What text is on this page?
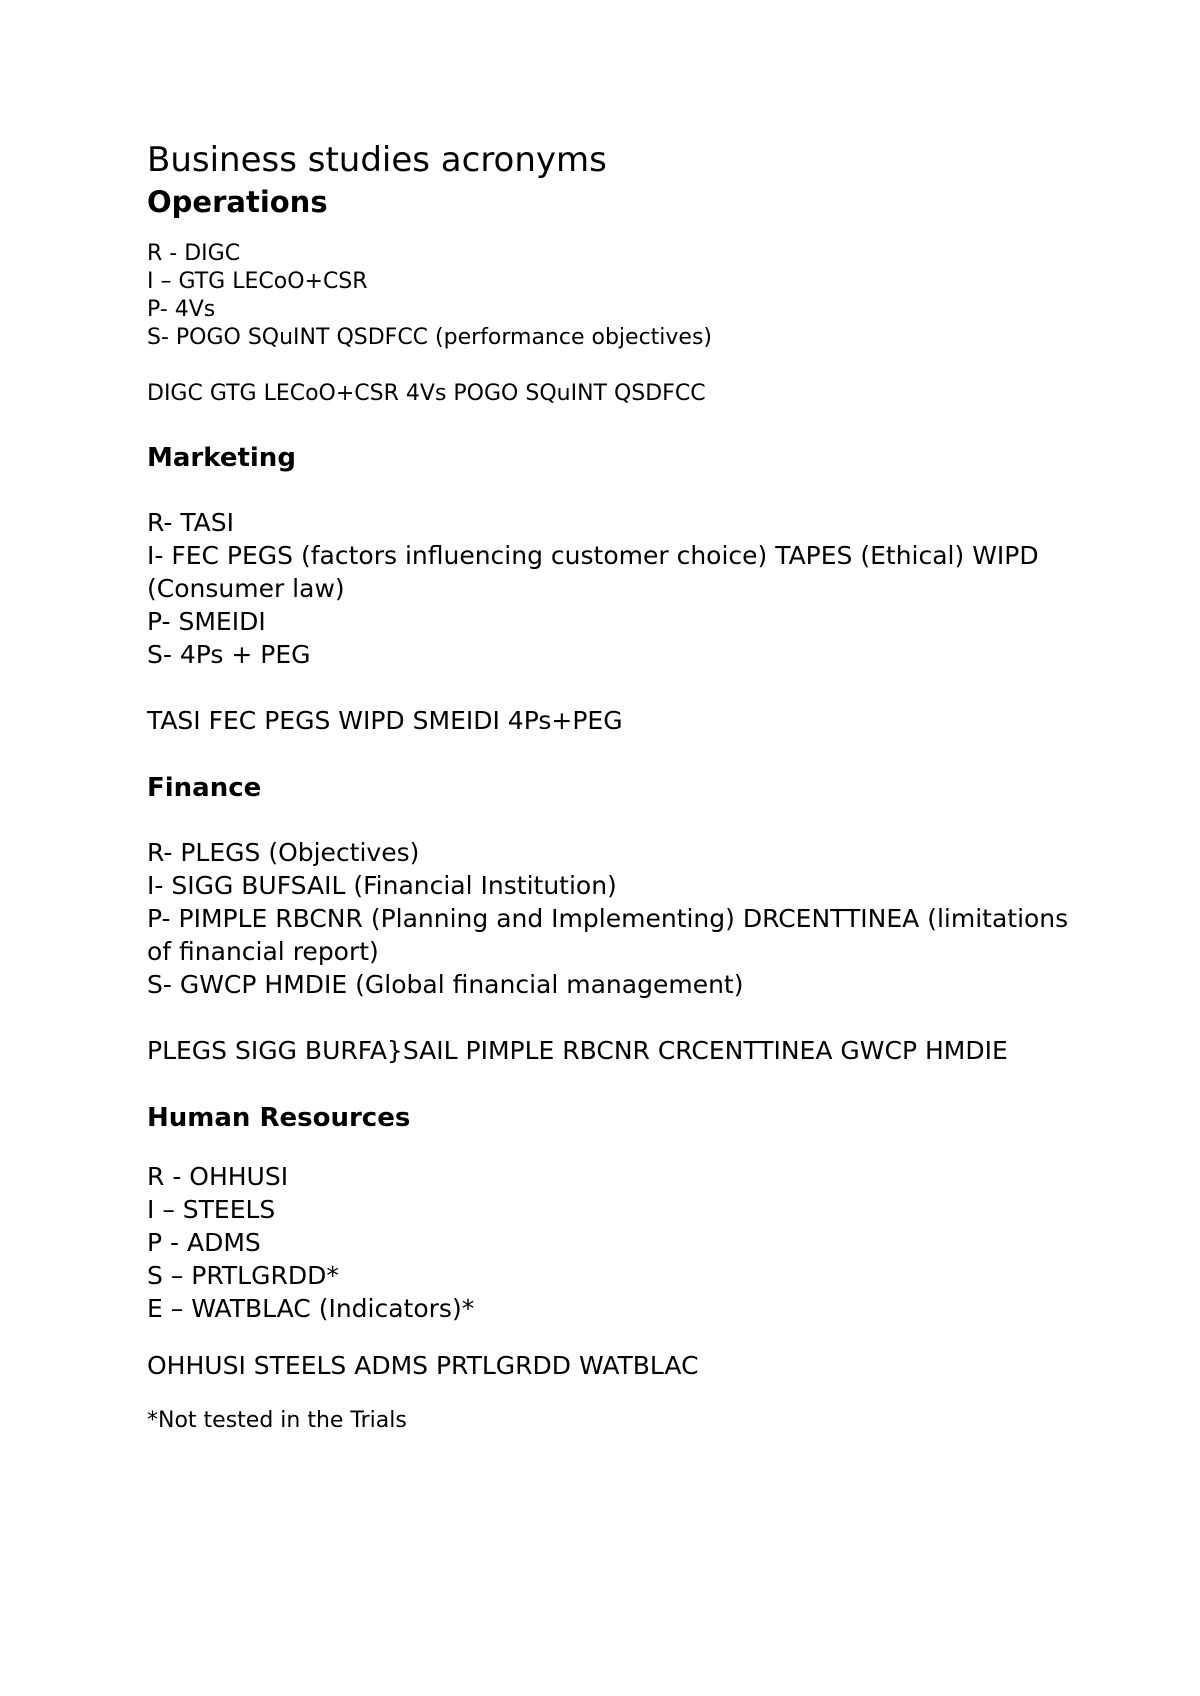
Business studies acronyms
Operations

R - DIGC

I – GTG LECoO+CSR

P- 4Vs

S- POGO SQuINT QSDFCC (performance objectives)

DIGC GTG LECoO+CSR 4Vs POGO SQuINT QSDFCC

Marketing

R- TASI

I- FEC PEGS (factors influencing customer choice) TAPES (Ethical) WIPD (Consumer law)

P- SMEIDI

S- 4Ps + PEG

TASI FEC PEGS WIPD SMEIDI 4Ps+PEG

Finance

R- PLEGS (Objectives)

I- SIGG BUFSAIL (Financial Institution)

P- PIMPLE RBCNR (Planning and Implementing) DRCENTTINEA (limitations of financial report)

S- GWCP HMDIE (Global financial management)

PLEGS SIGG BURFA}SAIL PIMPLE RBCNR CRCENTTINEA GWCP HMDIE

Human Resources

R - OHHUSI

I – STEELS

P - ADMS

S – PRTLGRDD*

E – WATBLAC (Indicators)*

OHHUSI STEELS ADMS PRTLGRDD WATBLAC

*Not tested in the Trials
